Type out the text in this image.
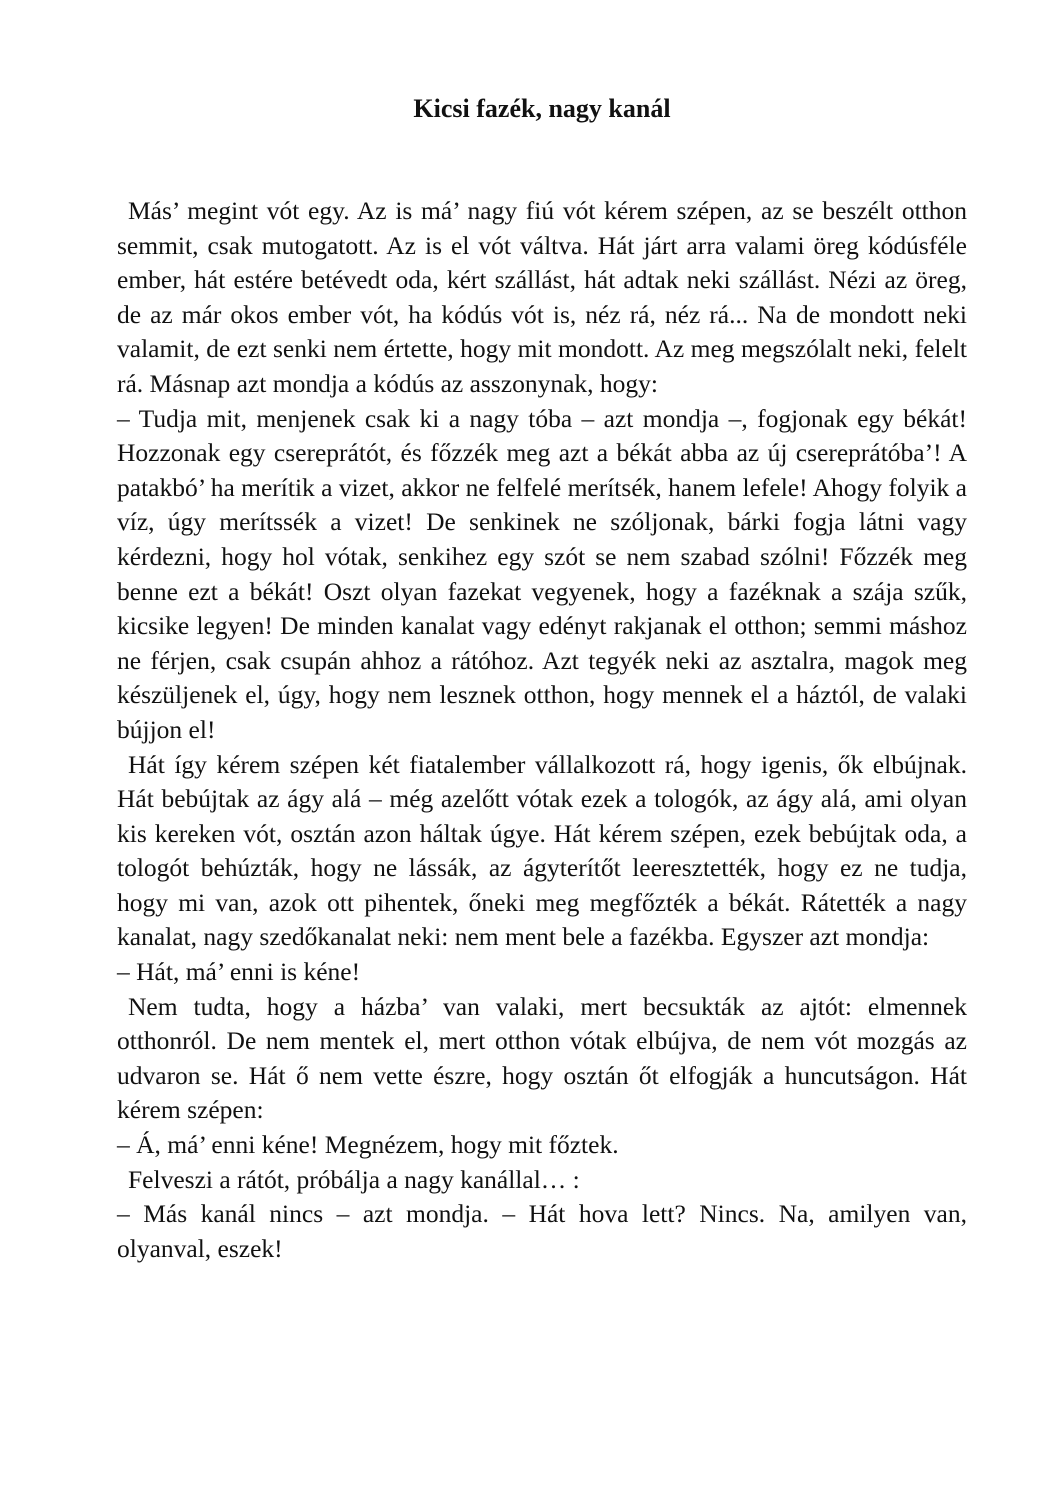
Kicsi fazék, nagy kanál

Más’ megint vót egy. Az is má’ nagy fiú vót kérem szépen, az se beszélt otthon semmit, csak mutogatott. Az is el vót váltva. Hát járt arra valami öreg kódúsféle ember, hát estére betévedt oda, kért szállást, hát adtak neki szállást. Nézi az öreg, de az már okos ember vót, ha kódús vót is, néz rá, néz rá... Na de mondott neki valamit, de ezt senki nem értette, hogy mit mondott. Az meg megszólalt neki, felelt rá. Másnap azt mondja a kódús az asszonynak, hogy:

– Tudja mit, menjenek csak ki a nagy tóba – azt mondja –, fogjonak egy békát! Hozzonak egy csereprátót, és főzzék meg azt a békát abba az új csereprátóba’! A patakbó’ ha merítik a vizet, akkor ne felfelé merítsék, hanem lefele! Ahogy folyik a víz, úgy merítssék a vizet! De senkinek ne szóljonak, bárki fogja látni vagy kérdezni, hogy hol vótak, senkihez egy szót se nem szabad szólni! Főzzék meg benne ezt a békát! Oszt olyan fazekat vegyenek, hogy a fazéknak a szája szűk, kicsike legyen! De minden kanalat vagy edényt rakjanak el otthon; semmi máshoz ne férjen, csak csupán ahhoz a rátóhoz. Azt tegyék neki az asztalra, magok meg készüljenek el, úgy, hogy nem lesznek otthon, hogy mennek el a háztól, de valaki bújjon el!

Hát így kérem szépen két fiatalember vállalkozott rá, hogy igenis, ők elbújnak. Hát bebújtak az ágy alá – még azelőtt vótak ezek a tologók, az ágy alá, ami olyan kis kereken vót, osztán azon háltak úgye. Hát kérem szépen, ezek bebújtak oda, a tologót behúzták, hogy ne lássák, az ágyterítőt leeresztették, hogy ez ne tudja, hogy mi van, azok ott pihentek, őneki meg megfőzték a békát. Rátették a nagy kanalat, nagy szedőkanalat neki: nem ment bele a fazékba. Egyszer azt mondja:

– Hát, má’ enni is kéne!

Nem tudta, hogy a házba’ van valaki, mert becsukták az ajtót: elmennek otthonról. De nem mentek el, mert otthon vótak elbújva, de nem vót mozgás az udvaron se. Hát ő nem vette észre, hogy osztán őt elfogják a huncutságon. Hát kérem szépen:

– Á, má’ enni kéne! Megnézem, hogy mit főztek.

Felveszi a rátót, próbálja a nagy kanállal… :

– Más kanál nincs – azt mondja. – Hát hova lett? Nincs. Na, amilyen van, olyanval, eszek!
